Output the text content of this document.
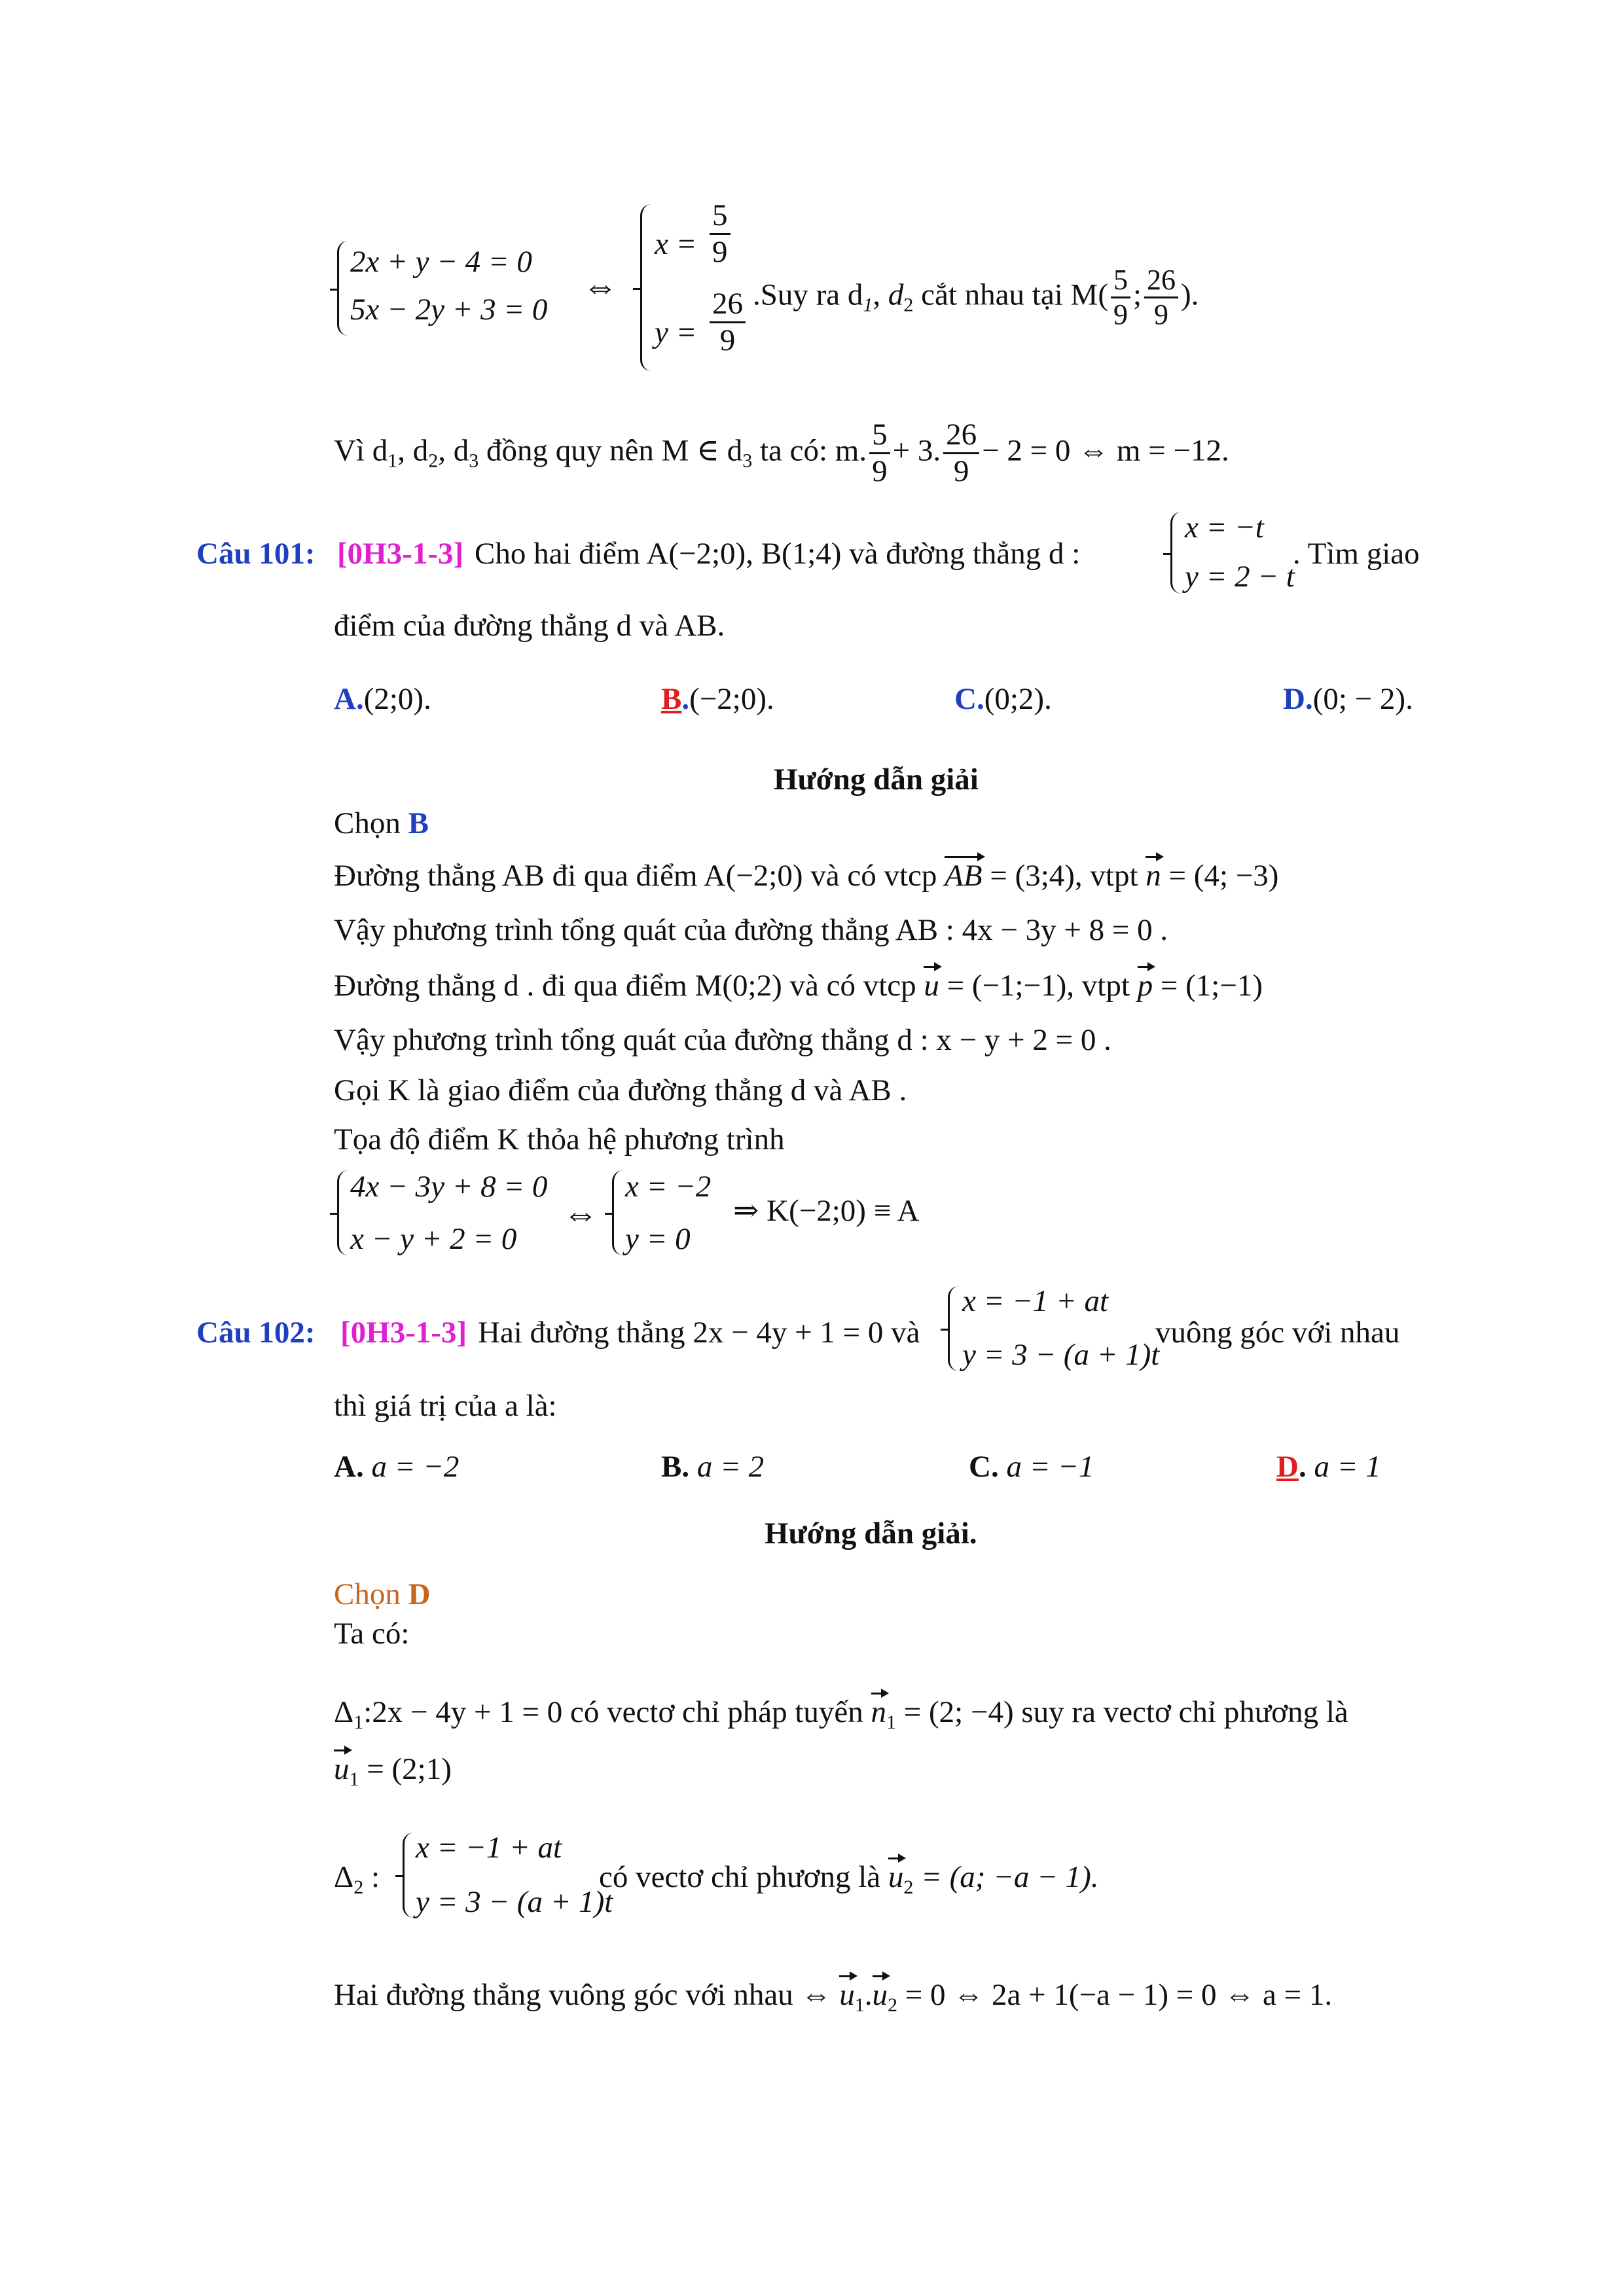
2x + y − 4 = 0
5x − 2y + 3 = 0
⇔
$x = \frac{5}{9}$
$y = \frac{26}{9} .Suy$ ra $d_1$, $d_2$ cắt nhau tại $M( \frac{5}{9}$ ; $\frac{26}{9}$ ).
Vì $d_1$, $d_2$, $d_3$ đồng quy nên M ∈ $d_3$ ta có: m. $\frac{5}{9} + 3$. $\frac{26}{9} - 2 = 0$ ⇔ m = −12.
Câu 101: [0H3-1-3] Cho hai điểm A(−2;0), B(1;4) và đường thẳng d :
x = −t
y = 2 − t
. Tìm giao
điểm của đường thẳng d và AB.
A.(2;0).	B.(−2;0).	C.(0;2).	D.(0; − 2).
Hướng dẫn giải
Chọn B
Đường thẳng AB đi qua điểm A(−2;0) và có vtcp AB = (3;4), vtpt n = (4; −3)
Vậy phương trình tổng quát của đường thẳng AB : 4x − 3y + 8 = 0 .
Đường thẳng d . đi qua điểm M(0;2) và có vtcp u = (−1;−1), vtpt p = (1;−1)
Vậy phương trình tổng quát của đường thẳng d : x − y + 2 = 0 .
Gọi K là giao điểm của đường thẳng d và AB .
Tọa độ điểm K thỏa hệ phương trình
4x − 3y + 8 = 0
x − y + 2 = 0
⇔
x = −2
y = 0
⇒ K(−2;0) ≡ A
Câu 102: [0H3-1-3] Hai đường thẳng 2x − 4y + 1 = 0 và
x = −1 + at
y = 3 − (a + 1)t
vuông góc với nhau
thì giá trị của a là:
A. a = −2	B. a = 2	C. a = −1	D. a = 1
Hướng dẫn giải.
Chọn D
Ta có:
$\Delta_1:2x - 4y + 1 = 0$ có vectơ chỉ pháp tuyến $n_1 = (2$; −4) suy ra vectơ chỉ phương là
$u_1$ = (2;1)
$\Delta_2$ :
x = −1 + at
y = 3 − (a + 1)t
có vectơ chỉ phương là $u_2 = (a$; −a − 1).
Hai đường thẳng vuông góc với nhau ⇔ $u_1.u_2 = 0$ ⇔ 2a + 1(−a − 1) = 0 ⇔ a = 1.
